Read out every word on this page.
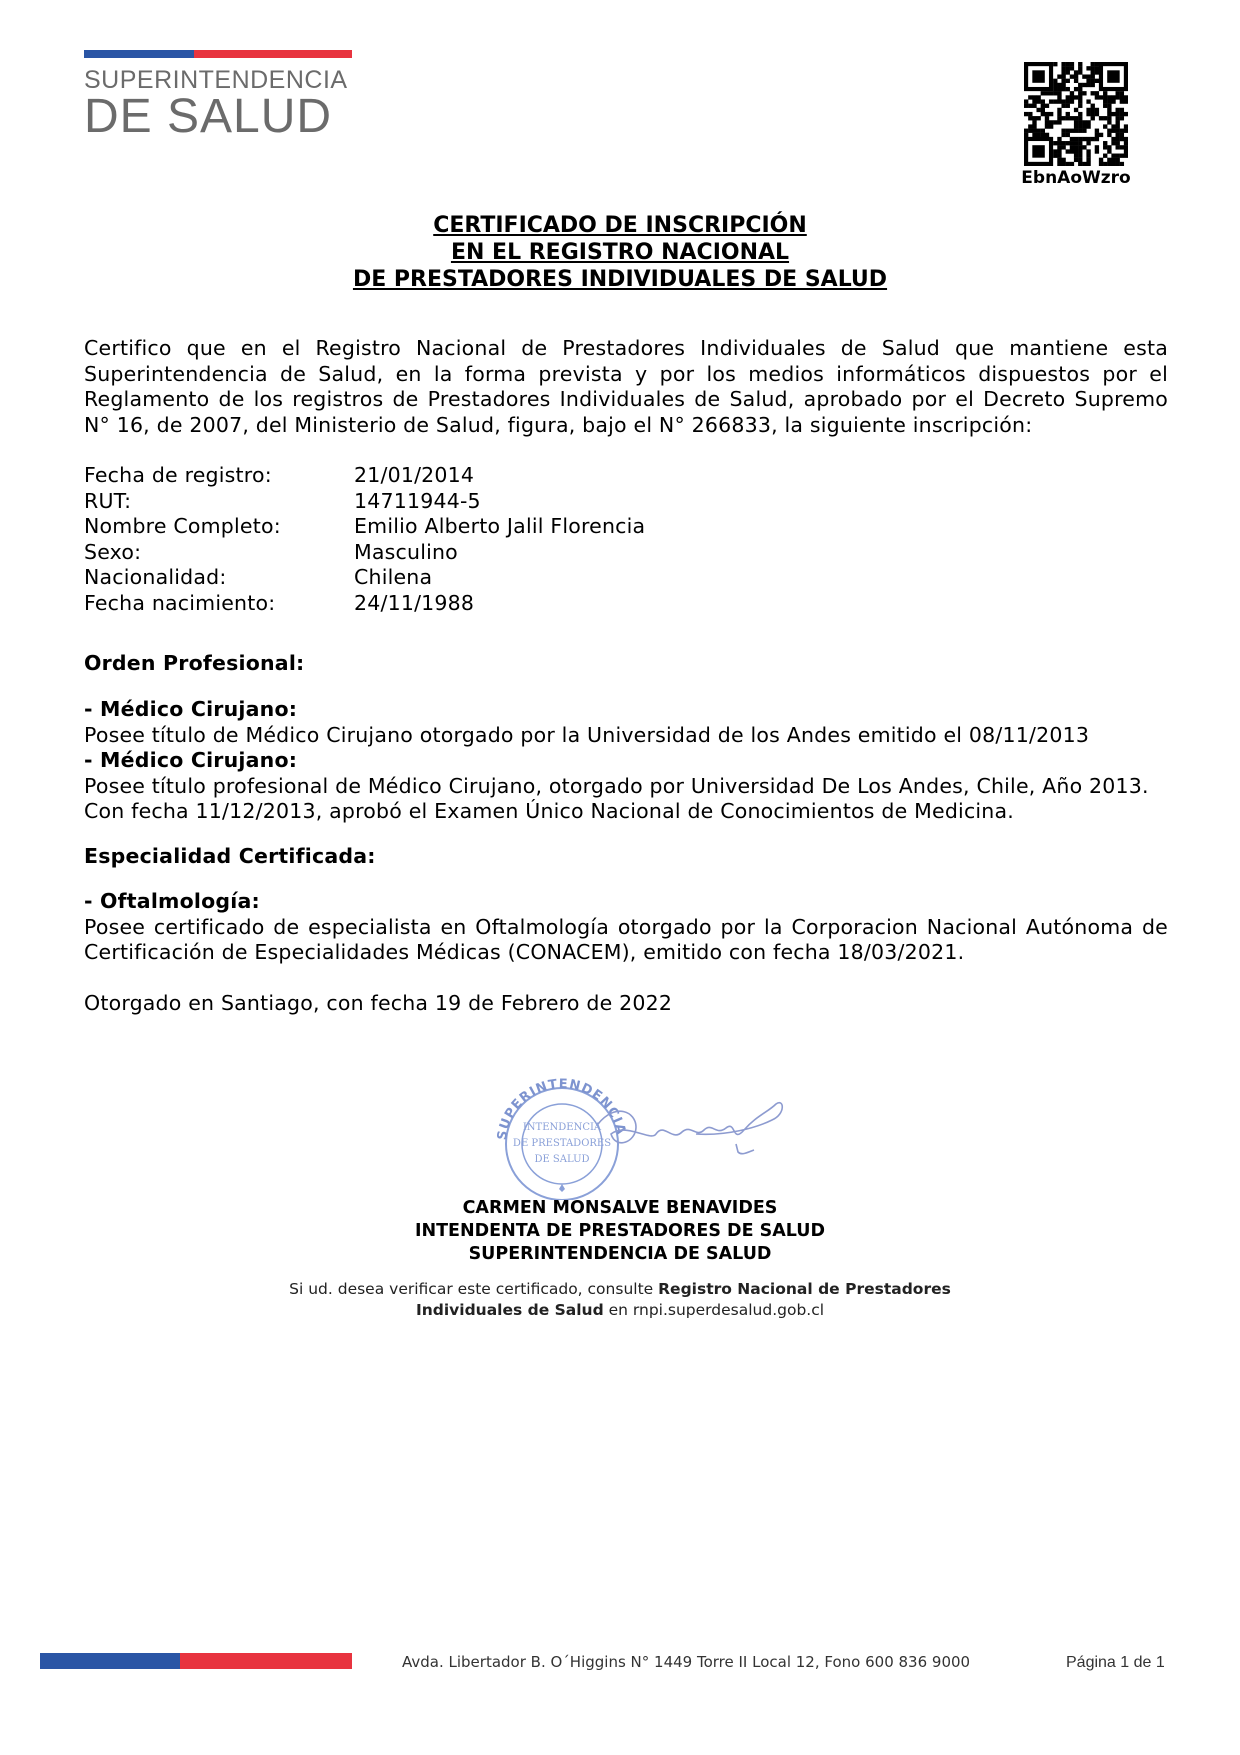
SUPERINTENDENCIA
DE SALUD
EbnAoWzro
CERTIFICADO DE INSCRIPCIÓN
EN EL REGISTRO NACIONAL
DE PRESTADORES INDIVIDUALES DE SALUD
Certifico que en el Registro Nacional de Prestadores Individuales de Salud que mantiene esta Superintendencia de Salud, en la forma prevista y por los medios informáticos dispuestos por el Reglamento de los registros de Prestadores Individuales de Salud, aprobado por el Decreto Supremo N° 16, de 2007, del Ministerio de Salud, figura, bajo el N° 266833, la siguiente inscripción:
Fecha de registro:	21/01/2014
RUT:	14711944-5
Nombre Completo:	Emilio Alberto Jalil Florencia
Sexo:	Masculino
Nacionalidad:	Chilena
Fecha nacimiento:	24/11/1988
Orden Profesional:
- Médico Cirujano:
Posee título de Médico Cirujano otorgado por la Universidad de los Andes emitido el 08/11/2013
- Médico Cirujano:
Posee título profesional de Médico Cirujano, otorgado por Universidad De Los Andes, Chile, Año 2013.
Con fecha 11/12/2013, aprobó el Examen Único Nacional de Conocimientos de Medicina.
Especialidad Certificada:
- Oftalmología:
Posee certificado de especialista en Oftalmología otorgado por la Corporacion Nacional Autónoma de Certificación de Especialidades Médicas (CONACEM), emitido con fecha 18/03/2021.
Otorgado en Santiago, con fecha 19 de Febrero de 2022
SUPERINTENDENCIA
INTENDENCIA
DE PRESTADORES
DE SALUD
CARMEN MONSALVE BENAVIDES
INTENDENTA DE PRESTADORES DE SALUD
SUPERINTENDENCIA DE SALUD
Si ud. desea verificar este certificado, consulte Registro Nacional de Prestadores
Individuales de Salud en rnpi.superdesalud.gob.cl
Avda. Libertador B. O´Higgins N° 1449 Torre II Local 12, Fono 600 836 9000	Página 1 de 1
